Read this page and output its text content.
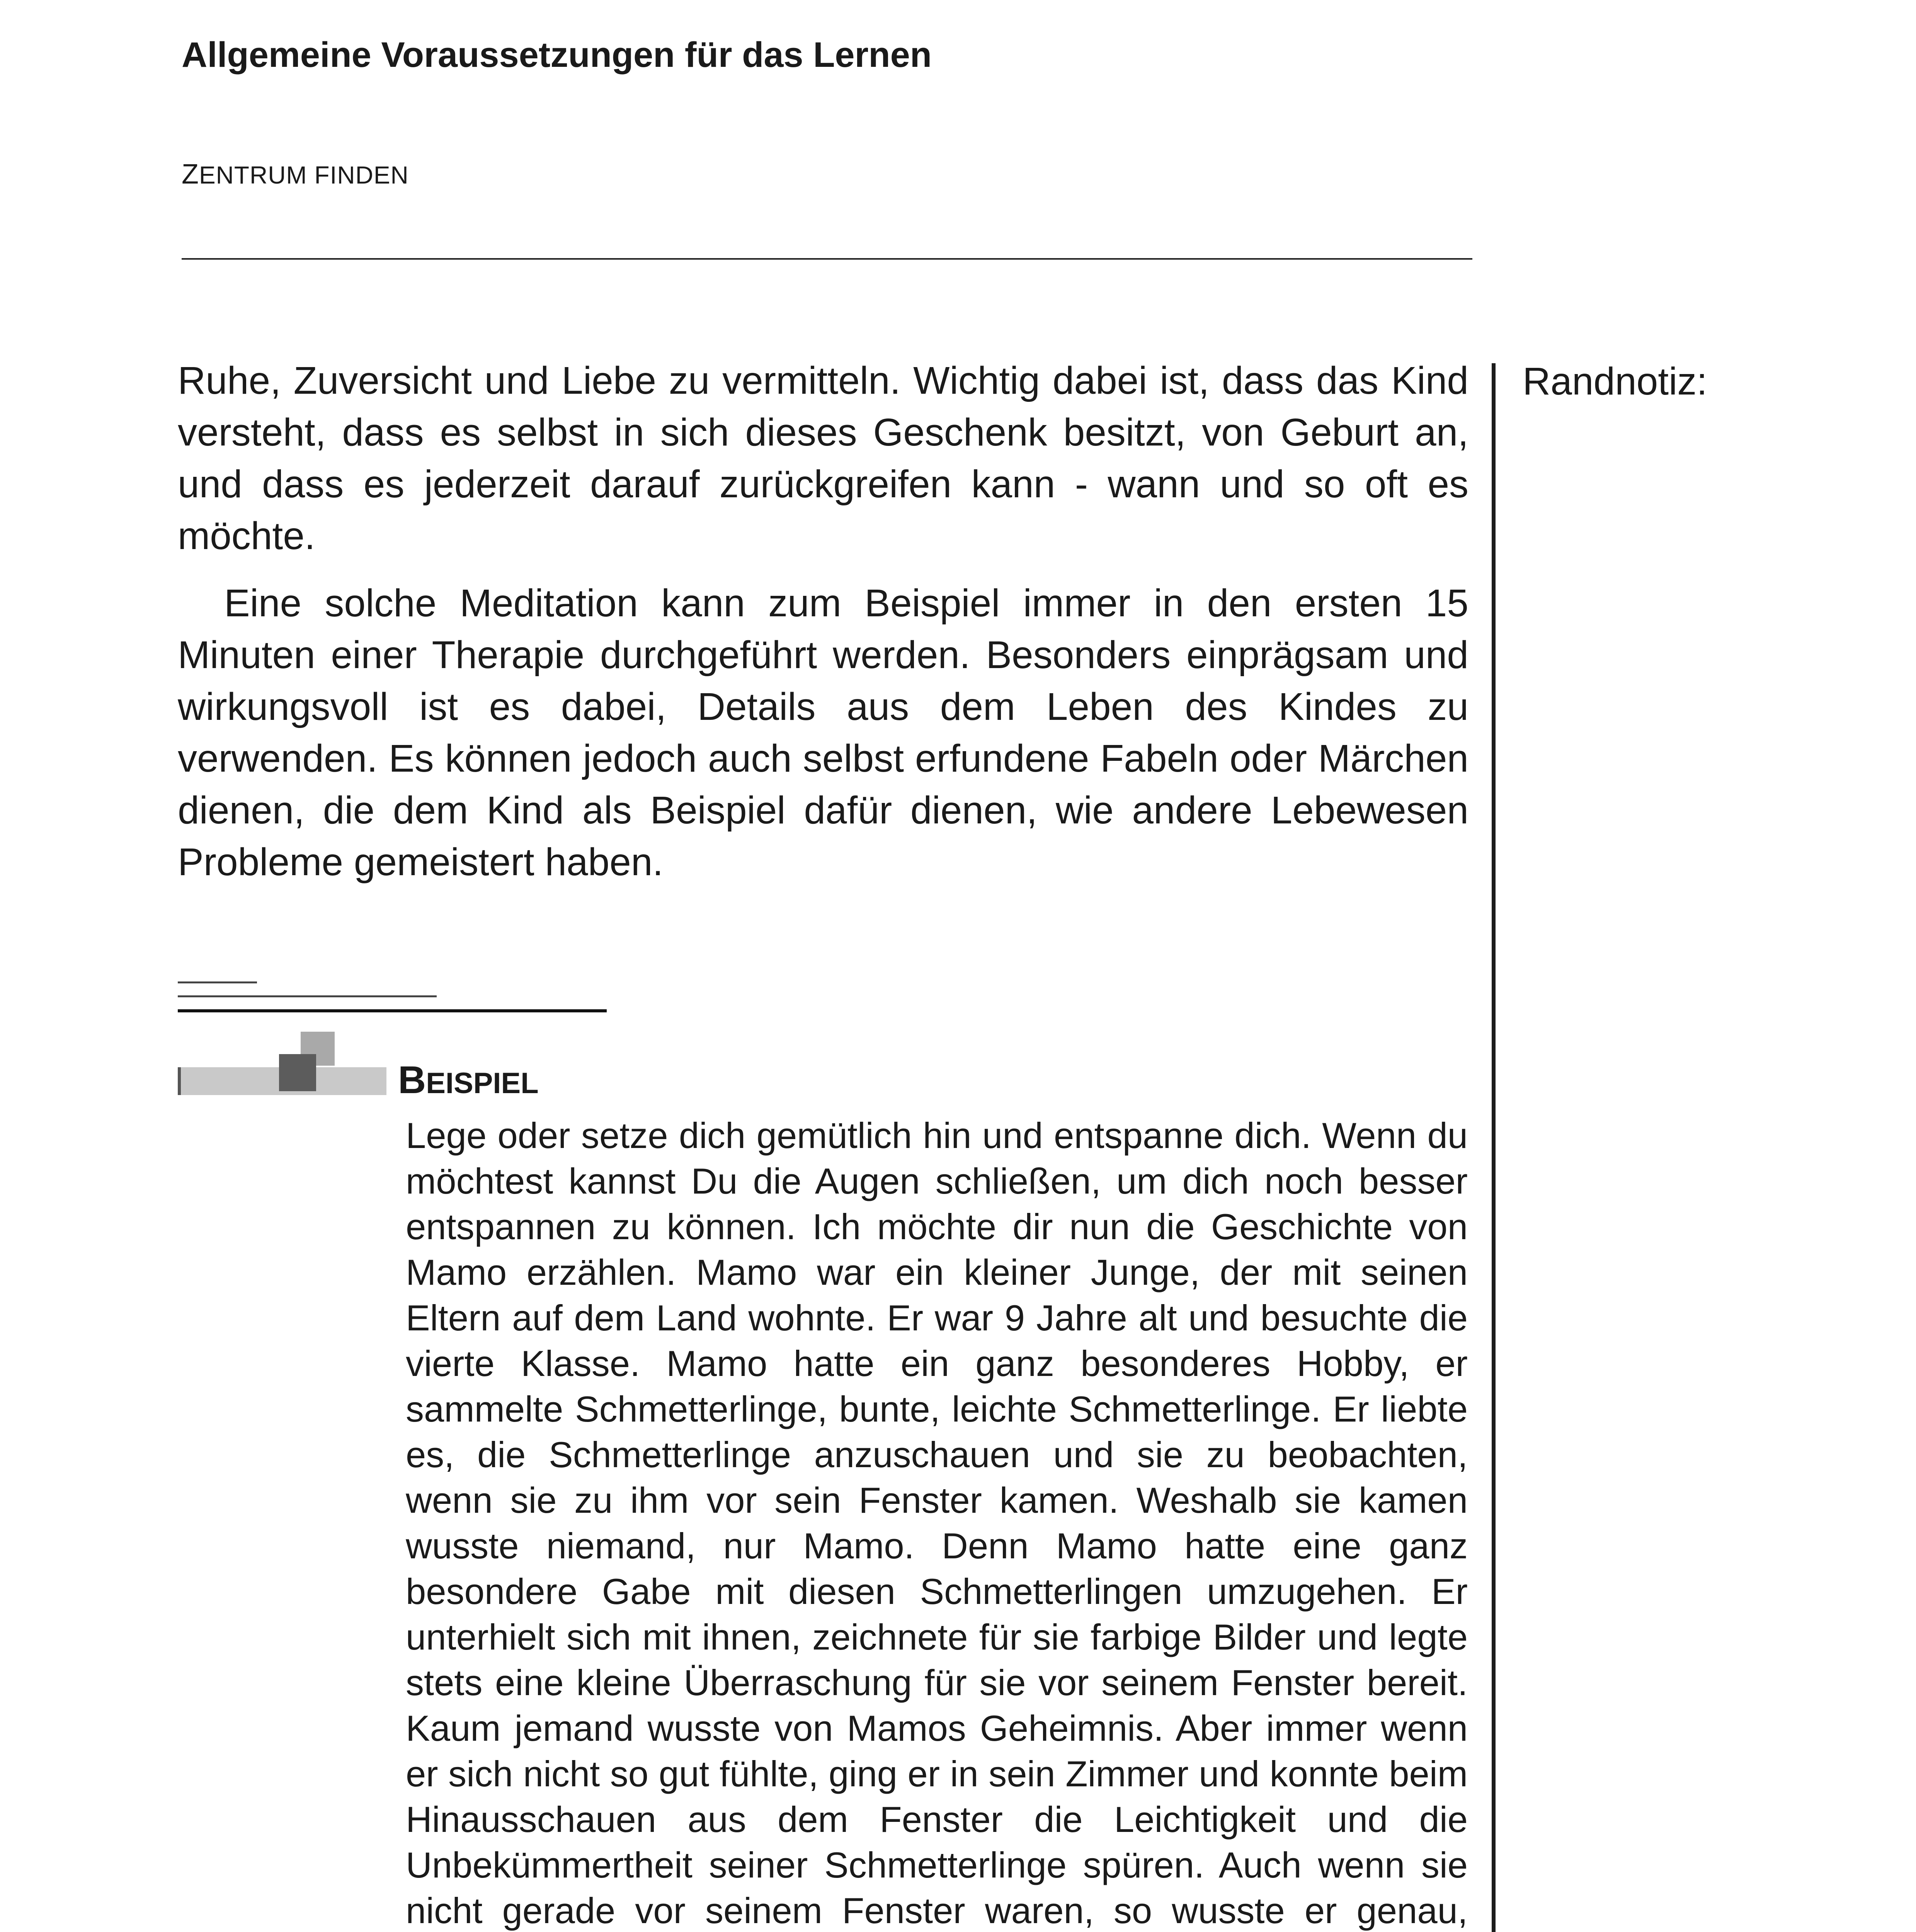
Allgemeine Voraussetzungen für das Lernen
ZENTRUM FINDEN
Randnotiz:

Ruhe, Zuversicht und Liebe zu vermitteln. Wichtig dabei ist, dass das Kind versteht, dass es selbst in sich dieses Geschenk besitzt, von Geburt an, und dass es jederzeit darauf zurückgreifen kann - wann und so oft es möchte.

Eine solche Meditation kann zum Beispiel immer in den ersten 15 Minuten einer Therapie durchgeführt werden. Besonders einprägsam und wirkungsvoll ist es dabei, Details aus dem Leben des Kindes zu verwenden. Es können jedoch auch selbst erfundene Fabeln oder Märchen dienen, die dem Kind als Beispiel dafür dienen, wie andere Lebewesen Probleme gemeistert haben.

BEISPIEL

Lege oder setze dich gemütlich hin und entspanne dich. Wenn du möchtest kannst Du die Augen schließen, um dich noch besser entspannen zu können. Ich möchte dir nun die Geschichte von Mamo erzählen. Mamo war ein kleiner Junge, der mit seinen Eltern auf dem Land wohnte. Er war 9 Jahre alt und besuchte die vierte Klasse. Mamo hatte ein ganz besonderes Hobby, er sammelte Schmetterlinge, bunte, leichte Schmetterlinge. Er liebte es, die Schmetterlinge anzuschauen und sie zu beobachten, wenn sie zu ihm vor sein Fenster kamen. Weshalb sie kamen wusste niemand, nur Mamo. Denn Mamo hatte eine ganz besondere Gabe mit diesen Schmetterlingen umzugehen. Er unterhielt sich mit ihnen, zeichnete für sie farbige Bilder und legte stets eine kleine Überraschung für sie vor seinem Fenster bereit. Kaum jemand wusste von Mamos Geheimnis. Aber immer wenn er sich nicht so gut fühlte, ging er in sein Zimmer und konnte beim Hinausschauen aus dem Fenster die Leichtigkeit und die Unbekümmertheit seiner Schmetterlinge spüren. Auch wenn sie nicht gerade vor seinem Fenster waren, so wusste er genau,
